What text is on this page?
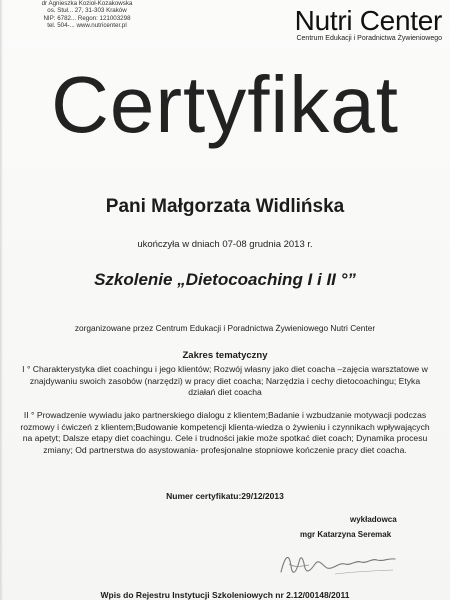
dr Agnieszka Kozioł-Kozakowska
os. Stuł... 27, 31-303 Kraków
NIP: 6782... Regon: 121003298
tel. 504-... www.nutricenter.pl	Nutri Center
Centrum Edukacji i Poradnictwa Żywieniowego
Certyfikat
Pani Małgorzata Widlińska
ukończyła w dniach 07-08 grudnia 2013 r.
Szkolenie „Dietocoaching I i II °”
zorganizowane przez Centrum Edukacji i Poradnictwa Żywieniowego Nutri Center
Zakres tematyczny
I ° Charakterystyka diet coachingu i jego klientów; Rozwój własny jako diet coacha –zajęcia warsztatowe w znajdywaniu swoich zasobów (narzędzi) w pracy diet coacha; Narzędzia i cechy dietocoachingu; Etyka działań diet coacha
II ° Prowadzenie wywiadu jako partnerskiego dialogu z klientem;Badanie i wzbudzanie motywacji podczas rozmowy i ćwiczeń z klientem;Budowanie kompetencji klienta-wiedza o żywieniu i czynnikach wpływających na apetyt; Dalsze etapy diet coachingu. Cele i trudności jakie może spotkać diet coach; Dynamika procesu zmiany; Od partnerstwa do asystowania- profesjonalne stopniowe kończenie pracy diet coacha.
Numer certyfikatu:29/12/2013
wykładowca
mgr Katarzyna Seremak
Wpis do Rejestru Instytucji Szkoleniowych nr 2.12/00148/2011
